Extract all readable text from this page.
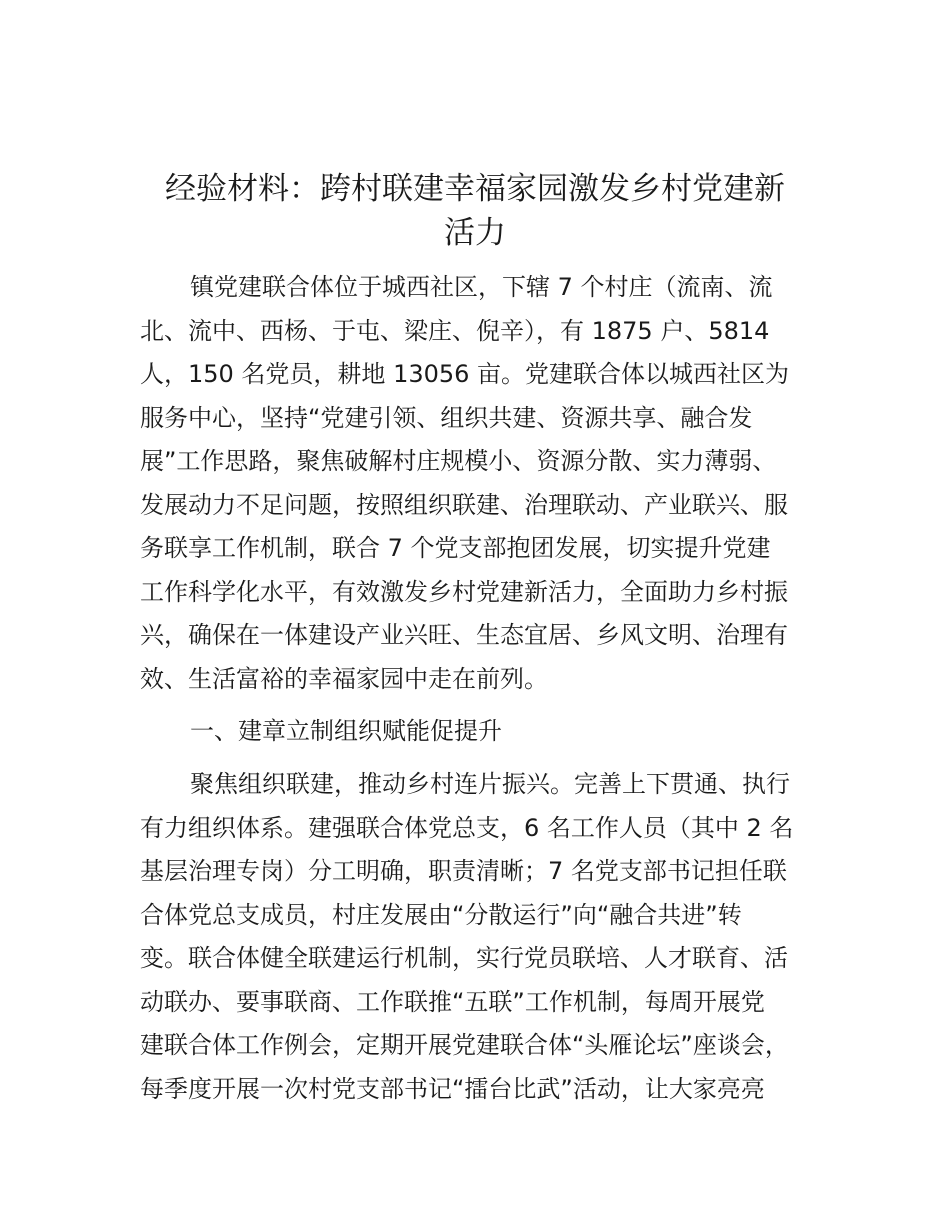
经验材料：跨村联建幸福家园激发乡村党建新
活力

镇党建联合体位于城西社区，下辖 7 个村庄（流南、流

北、流中、西杨、于屯、梁庄、倪辛），有 1875 户、5814

人，150 名党员，耕地 13056 亩。党建联合体以城西社区为

服务中心，坚持“党建引领、组织共建、资源共享、融合发

展”工作思路，聚焦破解村庄规模小、资源分散、实力薄弱、

发展动力不足问题，按照组织联建、治理联动、产业联兴、服

务联享工作机制，联合 7 个党支部抱团发展，切实提升党建

工作科学化水平，有效激发乡村党建新活力，全面助力乡村振

兴，确保在一体建设产业兴旺、生态宜居、乡风文明、治理有

效、生活富裕的幸福家园中走在前列。

一、建章立制组织赋能促提升

聚焦组织联建，推动乡村连片振兴。完善上下贯通、执行

有力组织体系。建强联合体党总支，6 名工作人员（其中 2 名

基层治理专岗）分工明确，职责清晰；7 名党支部书记担任联

合体党总支成员，村庄发展由“分散运行”向“融合共进”转

变。联合体健全联建运行机制，实行党员联培、人才联育、活

动联办、要事联商、工作联推“五联”工作机制，每周开展党

建联合体工作例会，定期开展党建联合体“头雁论坛”座谈会，

每季度开展一次村党支部书记“擂台比武”活动，让大家亮亮
